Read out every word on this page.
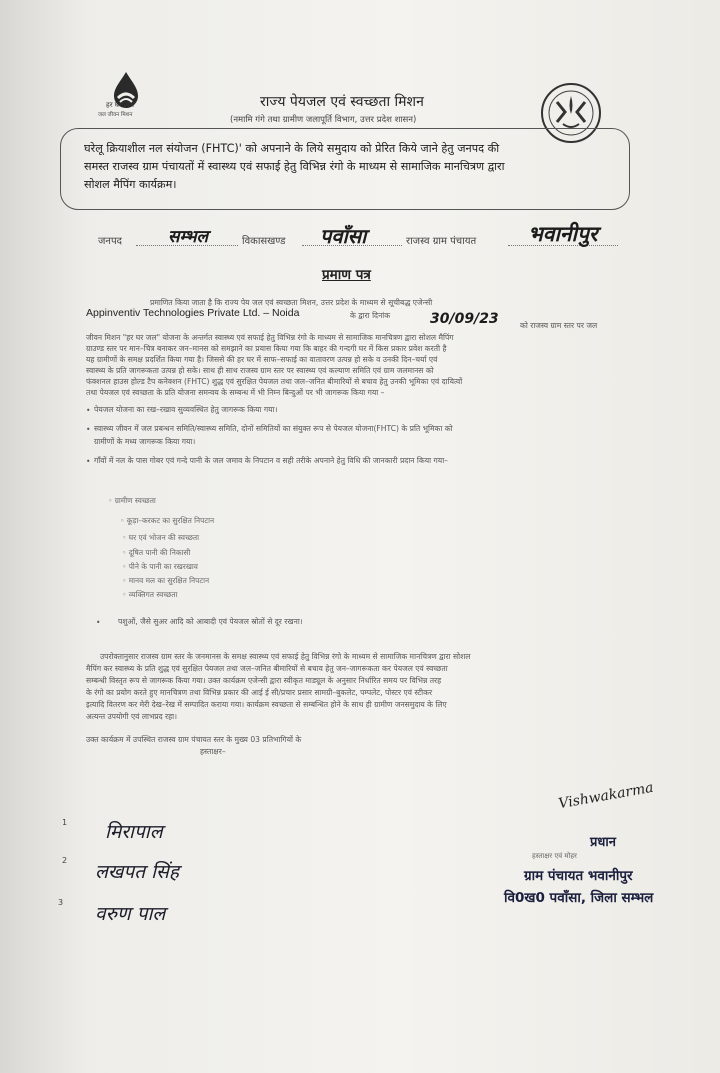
हर घर जल
जल जीवन मिशन
राज्य पेयजल एवं स्वच्छता मिशन
(नमामि गंगे तथा ग्रामीण जलापूर्ति विभाग, उत्तर प्रदेश शासन)
घरेलू क्रियाशील नल संयोजन (FHTC)' को अपनाने के लिये समुदाय को प्रेरित किये जाने हेतु जनपद की
समस्त राजस्व ग्राम पंचायतों में स्वास्थ्य एवं सफाई हेतु विभिन्न रंगो के माध्यम से सामाजिक मानचित्रण द्वारा
सोशल मैपिंग कार्यक्रम।
जनपद	सम्भल	विकासखण्ड पवाँसा	राजस्व ग्राम पंचायत भवानीपुर
प्रमाण पत्र
प्रमाणित किया जाता है कि राज्य पेय जल एवं स्वच्छता मिशन, उत्तर प्रदेश के माध्यम से सूचीबद्ध एजेन्सी
Appinventiv Technologies Private Ltd. – Noida	के द्वारा दिनांक	30/09/23	को राजस्व ग्राम स्तर पर जल
जीवन मिशन "हर घर जल" योजना के अन्तर्गत स्वास्थ्य एवं सफाई हेतु विभिन्न रंगो के माध्यम से सामाजिक मानचित्रण द्वारा सोशल मैपिंग
ग्राउण्ड स्तर पर मान–चित्र बनाकर जन–मानस को समझाने का प्रयास किया गया कि बाहर की गन्दगी घर में किस प्रकार प्रवेश करती है
यह ग्रामीणों के समक्ष प्रदर्शित किया गया है। जिससे की हर घर में साफ–सफाई का वातावरण उत्पन्न हो सके व उनकी दिन–चर्या एवं
स्वास्थ्य के प्रति जागरूकता उत्पन्न हो सके। साथ ही साथ राजस्व ग्राम स्तर पर स्वास्थ्य एवं कल्याण समिति एवं ग्राम जलमानस को
फंक्शनल हाउस होल्ड टैप कनेक्शन (FHTC) शुद्ध एवं सुरक्षित पेयजल तथा जल–जनित बीमारियों से बचाव हेतु उनकी भूमिका एवं दायित्वों
तथा पेयजल एवं स्वच्छता के प्रति योजना समन्वय के सम्बन्ध में भी निम्न बिन्दुओं पर भी जागरूक किया गया –
• पेयजल योजना का रख–रखाव सुव्यवस्थित हेतु जागरूक किया गया।
• स्वास्थ्य जीवन में जल प्रबन्धन समिति/स्वास्थ्य समिति, दोनों समितियों का संयुक्त रूप से पेयजल योजना(FHTC) के प्रति भूमिका को
ग्रामीणों के मध्य जागरूक किया गया।
• गाँवों में नल के पास गोबर एवं गन्दे पानी के जल जमाव के निपटान व सही तरीके अपनाने हेतु विधि की जानकारी प्रदान किया गया–
◦ ग्रामीण स्वच्छता
◦ कूड़ा–करकट का सुरक्षित निपटान
◦ घर एवं भोजन की स्वच्छता
◦ दूषित पानी की निकासी
◦ पीने के पानी का रखरखाव
◦ मानव मल का सुरक्षित निपटान
◦ व्यक्तिगत स्वच्छता
• पशुओं, जैसे सुअर आदि को आबादी एवं पेयजल स्रोतों से दूर रखना।
उपरोक्तानुसार राजस्व ग्राम स्तर के जनमानस के समक्ष स्वास्थ्य एवं सफाई हेतु विभिन्न रंगो के माध्यम से सामाजिक मानचित्रण द्वारा सोशल
मैपिंग कर स्वास्थ्य के प्रति शुद्ध एवं सुरक्षित पेयजल तथा जल–जनित बीमारियों से बचाव हेतु जन–जागरूकता कर पेयजल एवं स्वच्छता
सम्बन्धी विस्तृत रूप से जागरूक किया गया। उक्त कार्यक्रम एजेन्सी द्वारा स्वीकृत माड्यूल के अनुसार निर्धारित समय पर विभिन्न तरह
के रंगो का प्रयोग करते हुए मानचित्रण तथा विभिन्न प्रकार की आई ई सी/प्रचार प्रसार सामग्री–बुकलेट, पम्पलेट, पोस्टर एवं स्टीकर
इत्यादि वितरण कर मेरी देख–रेख में सम्पादित कराया गया। कार्यक्रम स्वच्छता से सम्बन्धित होने के साथ ही ग्रामीण जनसमुदाय के लिए
अत्यन्त उपयोगी एवं लाभप्रद रहा।
उक्त कार्यक्रम में उपस्थित राजस्व ग्राम पंचायत स्तर के मुख्य 03 प्रतिभागियों के
हस्ताक्षर–
1
2
3
मिरापाल
लखपत सिंह
वरुण पाल
Vishwakarma
हस्ताक्षर एवं मोहर
प्रधान
ग्राम पंचायत भवानीपुर
वि0ख0 पवाँसा, जिला सम्भल
